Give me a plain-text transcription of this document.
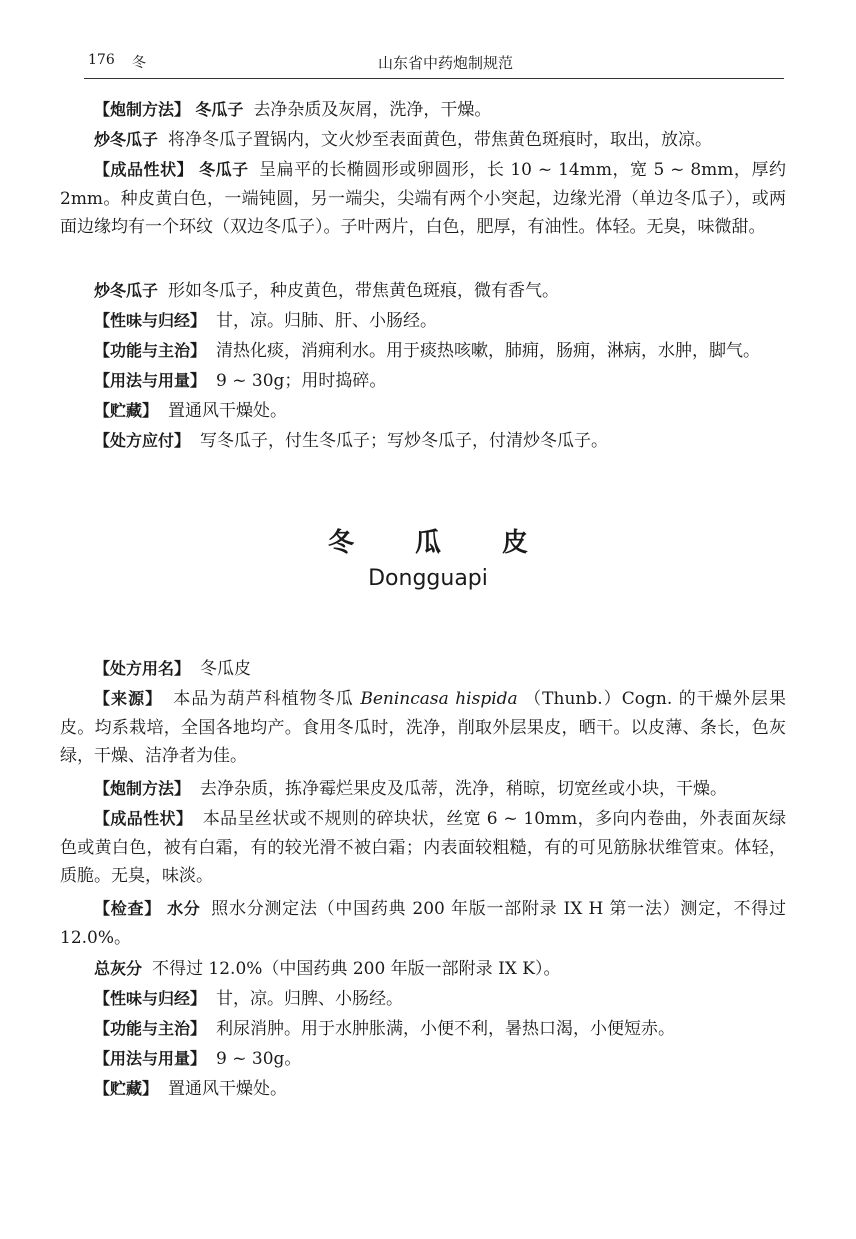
176 冬	山东省中药炮制规范

【炮制方法】 冬瓜子 去净杂质及灰屑，洗净，干燥。

炒冬瓜子 将净冬瓜子置锅内，文火炒至表面黄色，带焦黄色斑痕时，取出，放凉。

【成品性状】 冬瓜子 呈扁平的长椭圆形或卵圆形，长 10 ~ 14mm，宽 5 ~ 8mm，厚约 2mm。种皮黄白色，一端钝圆，另一端尖，尖端有两个小突起，边缘光滑（单边冬瓜子），或两面边缘均有一个环纹（双边冬瓜子）。子叶两片，白色，肥厚，有油性。体轻。无臭，味微甜。

炒冬瓜子 形如冬瓜子，种皮黄色，带焦黄色斑痕，微有香气。

【性味与归经】 甘，凉。归肺、肝、小肠经。

【功能与主治】 清热化痰，消痈利水。用于痰热咳嗽，肺痈，肠痈，淋病，水肿，脚气。

【用法与用量】 9 ~ 30g；用时捣碎。

【贮藏】 置通风干燥处。

【处方应付】 写冬瓜子，付生冬瓜子；写炒冬瓜子，付清炒冬瓜子。

冬 瓜 皮
Dongguapi

【处方用名】 冬瓜皮

【来源】 本品为葫芦科植物冬瓜 Benincasa hispida （Thunb.）Cogn. 的干燥外层果皮。均系栽培，全国各地均产。食用冬瓜时，洗净，削取外层果皮，晒干。以皮薄、条长，色灰绿，干燥、洁净者为佳。

【炮制方法】 去净杂质，拣净霉烂果皮及瓜蒂，洗净，稍晾，切宽丝或小块，干燥。

【成品性状】 本品呈丝状或不规则的碎块状，丝宽 6 ~ 10mm，多向内卷曲，外表面灰绿色或黄白色，被有白霜，有的较光滑不被白霜；内表面较粗糙，有的可见筋脉状维管束。体轻，质脆。无臭，味淡。

【检查】 水分 照水分测定法（中国药典 200 年版一部附录 IX H 第一法）测定，不得过 12.0%。

总灰分 不得过 12.0%（中国药典 200 年版一部附录 IX K）。

【性味与归经】 甘，凉。归脾、小肠经。

【功能与主治】 利尿消肿。用于水肿胀满，小便不利，暑热口渴，小便短赤。

【用法与用量】 9 ~ 30g。

【贮藏】 置通风干燥处。
